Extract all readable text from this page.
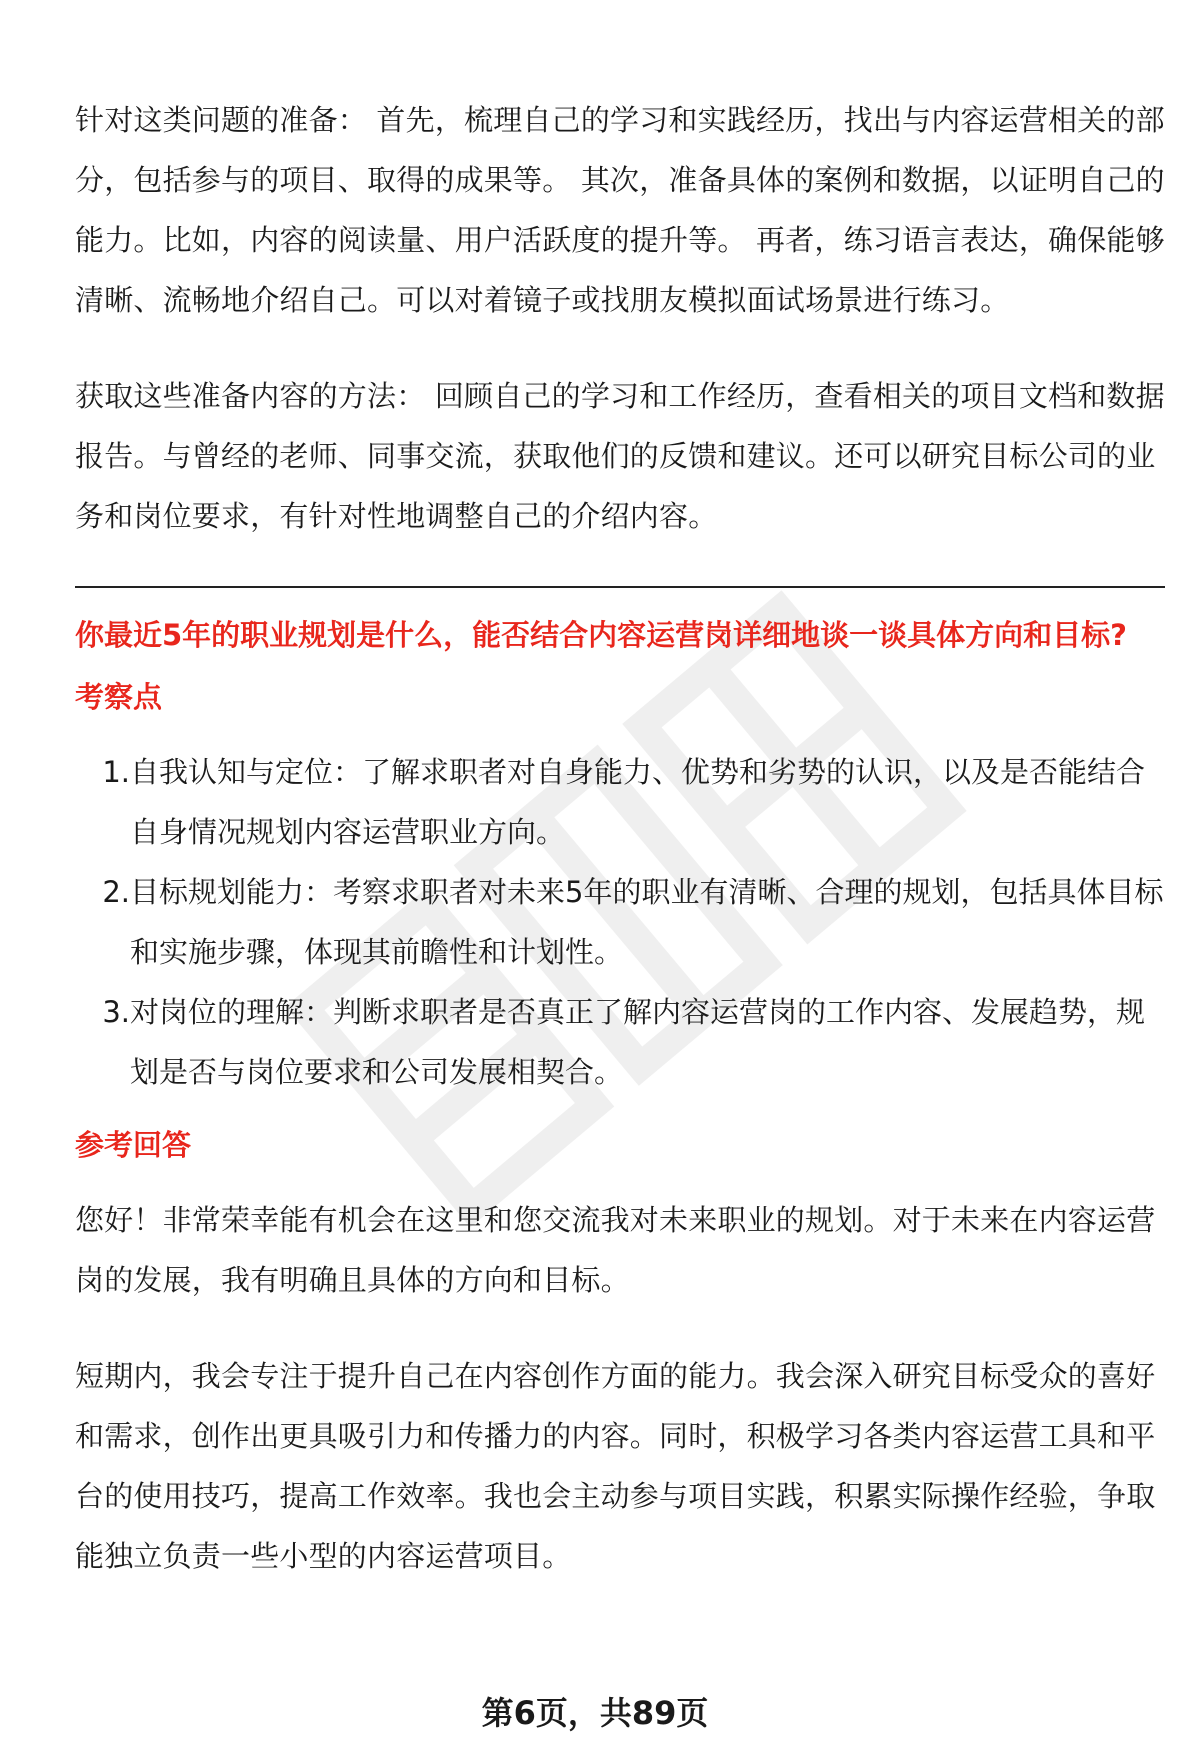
针对这类问题的准备： 首先，梳理自己的学习和实践经历，找出与内容运营相关的部分，包括参与的项目、取得的成果等。 其次，准备具体的案例和数据，以证明自己的能力。比如，内容的阅读量、用户活跃度的提升等。 再者，练习语言表达，确保能够清晰、流畅地介绍自己。可以对着镜子或找朋友模拟面试场景进行练习。

获取这些准备内容的方法： 回顾自己的学习和工作经历，查看相关的项目文档和数据报告。与曾经的老师、同事交流，获取他们的反馈和建议。还可以研究目标公司的业务和岗位要求，有针对性地调整自己的介绍内容。

你最近5年的职业规划是什么，能否结合内容运营岗详细地谈一谈具体方向和目标?
考察点
1. 自我认知与定位：了解求职者对自身能力、优势和劣势的认识，以及是否能结合自身情况规划内容运营职业方向。
2. 目标规划能力：考察求职者对未来5年的职业有清晰、合理的规划，包括具体目标和实施步骤，体现其前瞻性和计划性。
3. 对岗位的理解：判断求职者是否真正了解内容运营岗的工作内容、发展趋势，规划是否与岗位要求和公司发展相契合。
参考回答

您好！非常荣幸能有机会在这里和您交流我对未来职业的规划。对于未来在内容运营岗的发展，我有明确且具体的方向和目标。

短期内，我会专注于提升自己在内容创作方面的能力。我会深入研究目标受众的喜好和需求，创作出更具吸引力和传播力的内容。同时，积极学习各类内容运营工具和平台的使用技巧，提高工作效率。我也会主动参与项目实践，积累实际操作经验，争取能独立负责一些小型的内容运营项目。

第6页，共89页
